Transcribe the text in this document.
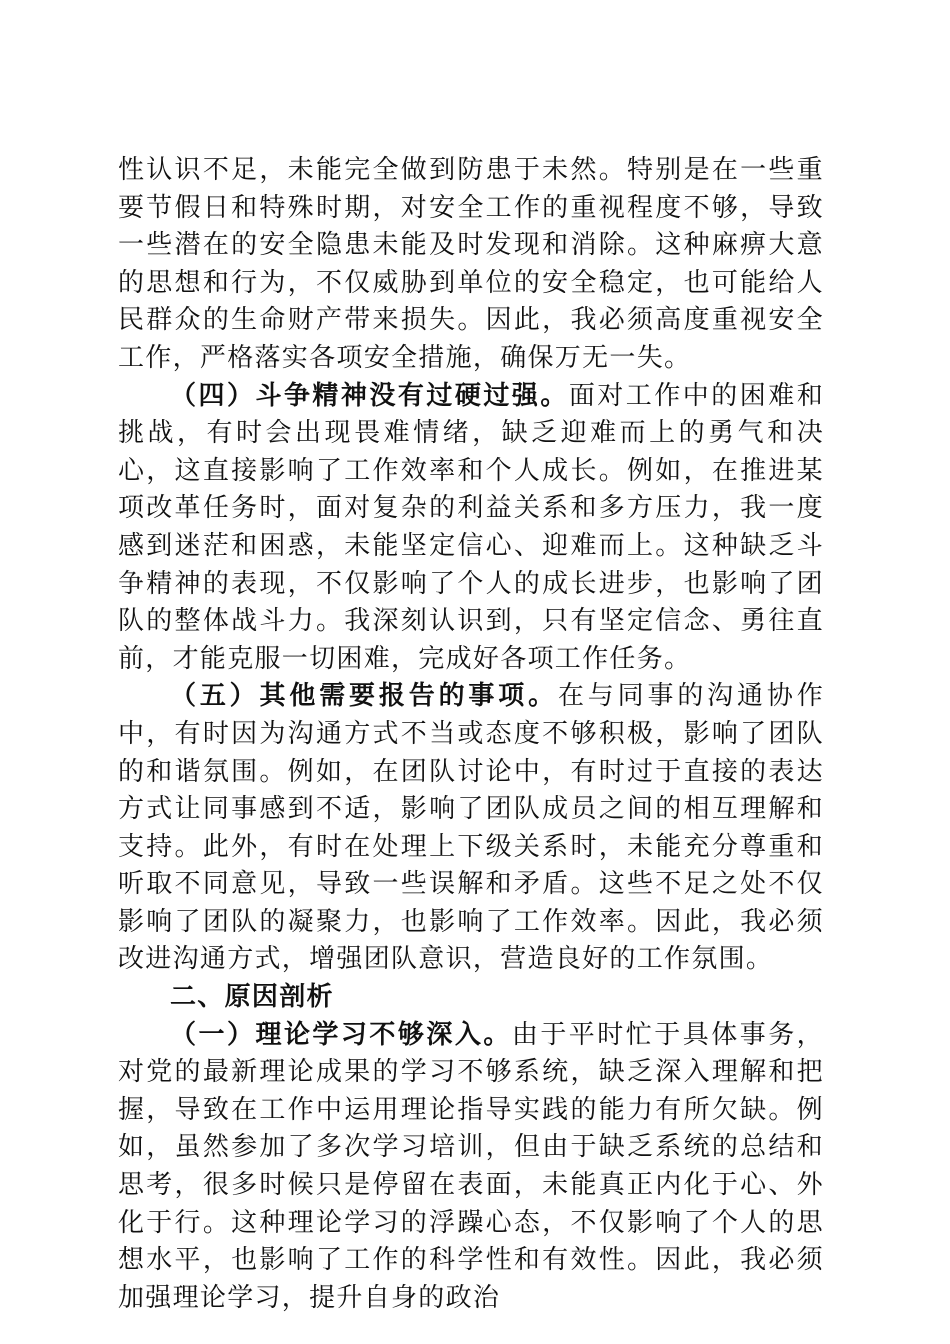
性认识不足，未能完全做到防患于未然。特别是在一些重要节假日和特殊时期，对安全工作的重视程度不够，导致一些潜在的安全隐患未能及时发现和消除。这种麻痹大意的思想和行为，不仅威胁到单位的安全稳定，也可能给人民群众的生命财产带来损失。因此，我必须高度重视安全工作，严格落实各项安全措施，确保万无一失。

（四）斗争精神没有过硬过强。面对工作中的困难和挑战，有时会出现畏难情绪，缺乏迎难而上的勇气和决心，这直接影响了工作效率和个人成长。例如，在推进某项改革任务时，面对复杂的利益关系和多方压力，我一度感到迷茫和困惑，未能坚定信心、迎难而上。这种缺乏斗争精神的表现，不仅影响了个人的成长进步，也影响了团队的整体战斗力。我深刻认识到，只有坚定信念、勇往直前，才能克服一切困难，完成好各项工作任务。

（五）其他需要报告的事项。在与同事的沟通协作中，有时因为沟通方式不当或态度不够积极，影响了团队的和谐氛围。例如，在团队讨论中，有时过于直接的表达方式让同事感到不适，影响了团队成员之间的相互理解和支持。此外，有时在处理上下级关系时，未能充分尊重和听取不同意见，导致一些误解和矛盾。这些不足之处不仅影响了团队的凝聚力，也影响了工作效率。因此，我必须改进沟通方式，增强团队意识，营造良好的工作氛围。

二、原因剖析

（一）理论学习不够深入。由于平时忙于具体事务，对党的最新理论成果的学习不够系统，缺乏深入理解和把握，导致在工作中运用理论指导实践的能力有所欠缺。例如，虽然参加了多次学习培训，但由于缺乏系统的总结和思考，很多时候只是停留在表面，未能真正内化于心、外化于行。这种理论学习的浮躁心态，不仅影响了个人的思想水平，也影响了工作的科学性和有效性。因此，我必须加强理论学习，提升自身的政治
